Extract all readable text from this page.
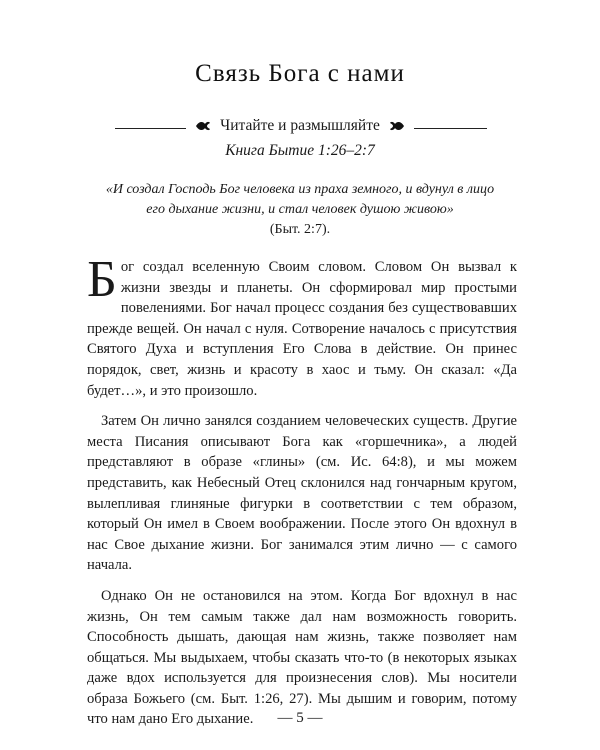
Связь Бога с нами
Читайте и размышляйте
Книга Бытие 1:26–2:7
«И создал Господь Бог человека из праха земного, и вдунул в лицо его дыхание жизни, и стал человек душою живою»
(Быт. 2:7).

Бог создал вселенную Своим словом. Словом Он вызвал к жизни звезды и планеты. Он сформировал мир простыми повелениями. Бог начал процесс создания без существовавших прежде вещей. Он начал с нуля. Сотворение началось с присутствия Святого Духа и вступления Его Слова в действие. Он принес порядок, свет, жизнь и красоту в хаос и тьму. Он сказал: «Да будет…», и это произошло.

Затем Он лично занялся созданием человеческих существ. Другие места Писания описывают Бога как «горшечника», а людей представляют в образе «глины» (см. Ис. 64:8), и мы можем представить, как Небесный Отец склонился над гончарным кругом, вылепливая глиняные фигурки в соответствии с тем образом, который Он имел в Своем воображении. После этого Он вдохнул в нас Свое дыхание жизни. Бог занимался этим лично — с самого начала.

Однако Он не остановился на этом. Когда Бог вдохнул в нас жизнь, Он тем самым также дал нам возможность говорить. Способность дышать, дающая нам жизнь, также позволяет нам общаться. Мы выдыхаем, чтобы сказать что-то (в некоторых языках даже вдох используется для произнесения слов). Мы носители образа Божьего (см. Быт. 1:26, 27). Мы дышим и говорим, потому что нам дано Его дыхание.	— 5 —
